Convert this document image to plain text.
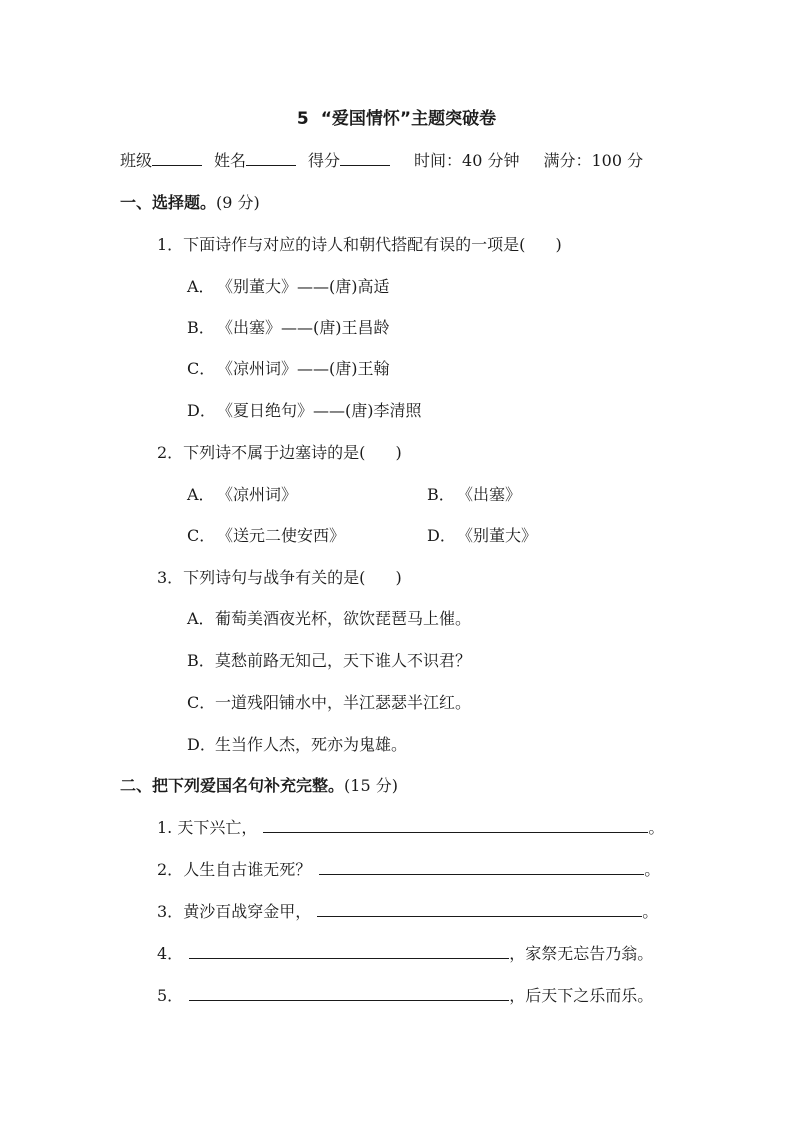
5 “爱国情怀”主题突破卷
班级	姓名	得分	时间：40 分钟 满分：100 分
一、选择题。(9 分)
1．下面诗作与对应的诗人和朝代搭配有误的一项是( )
A． 《别董大》——(唐)高适
B． 《出塞》——(唐)王昌龄
C． 《凉州词》——(唐)王翰
D．《夏日绝句》——(唐)李清照
2．下列诗不属于边塞诗的是( )
A． 《凉州词》	B． 《出塞》
C． 《送元二使安西》	D．《别董大》
3．下列诗句与战争有关的是( )
A．葡萄美酒夜光杯，欲饮琵琶马上催。
B．莫愁前路无知己，天下谁人不识君？
C．一道残阳铺水中，半江瑟瑟半江红。
D．生当作人杰，死亦为鬼雄。
二、把下列爱国名句补充完整。(15 分)
1. 天下兴亡，	。
2．人生自古谁无死？	。
3．黄沙百战穿金甲，	。
4．	，家祭无忘告乃翁。
5．	，后天下之乐而乐。
